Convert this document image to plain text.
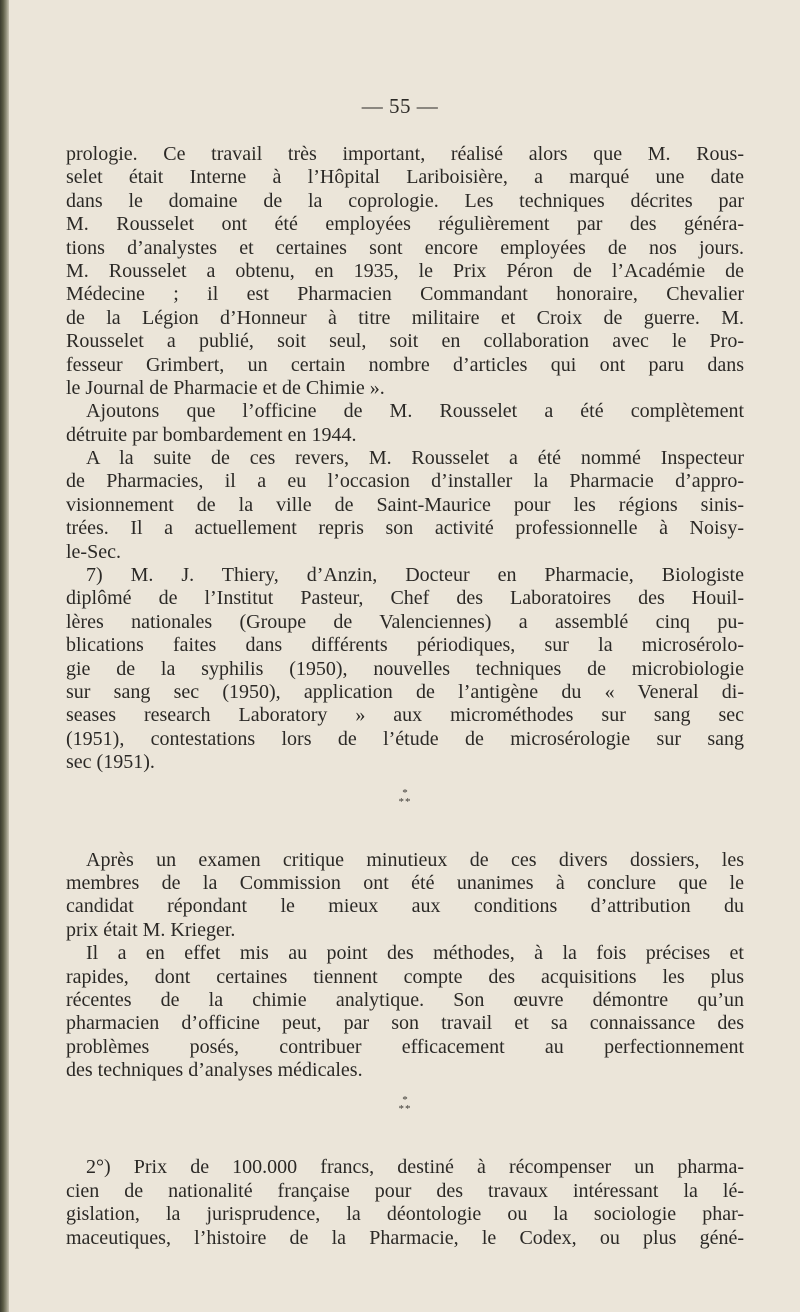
— 55 —
prologie. Ce travail très important, réalisé alors que M. Rous-
selet était Interne à l’Hôpital Lariboisière, a marqué une date
dans le domaine de la coprologie. Les techniques décrites par
M. Rousselet ont été employées régulièrement par des généra-
tions d’analystes et certaines sont encore employées de nos jours.
M. Rousselet a obtenu, en 1935, le Prix Péron de l’Académie de
Médecine ; il est Pharmacien Commandant honoraire, Chevalier
de la Légion d’Honneur à titre militaire et Croix de guerre. M.
Rousselet a publié, soit seul, soit en collaboration avec le Pro-
fesseur Grimbert, un certain nombre d’articles qui ont paru dans
le Journal de Pharmacie et de Chimie ».
Ajoutons que l’officine de M. Rousselet a été complètement
détruite par bombardement en 1944.
A la suite de ces revers, M. Rousselet a été nommé Inspecteur
de Pharmacies, il a eu l’occasion d’installer la Pharmacie d’appro-
visionnement de la ville de Saint-Maurice pour les régions sinis-
trées. Il a actuellement repris son activité professionnelle à Noisy-
le-Sec.
7) M. J. Thiery, d’Anzin, Docteur en Pharmacie, Biologiste
diplômé de l’Institut Pasteur, Chef des Laboratoires des Houil-
lères nationales (Groupe de Valenciennes) a assemblé cinq pu-
blications faites dans différents périodiques, sur la microsérolo-
gie de la syphilis (1950), nouvelles techniques de microbiologie
sur sang sec (1950), application de l’antigène du « Veneral di-
seases research Laboratory » aux microméthodes sur sang sec
(1951), contestations lors de l’étude de microsérologie sur sang
sec (1951).
*
**
Après un examen critique minutieux de ces divers dossiers, les
membres de la Commission ont été unanimes à conclure que le
candidat répondant le mieux aux conditions d’attribution du
prix était M. Krieger.
Il a en effet mis au point des méthodes, à la fois précises et
rapides, dont certaines tiennent compte des acquisitions les plus
récentes de la chimie analytique. Son œuvre démontre qu’un
pharmacien d’officine peut, par son travail et sa connaissance des
problèmes posés, contribuer efficacement au perfectionnement
des techniques d’analyses médicales.
*
**
2°) Prix de 100.000 francs, destiné à récompenser un pharma-
cien de nationalité française pour des travaux intéressant la lé-
gislation, la jurisprudence, la déontologie ou la sociologie phar-
maceutiques, l’histoire de la Pharmacie, le Codex, ou plus géné-
